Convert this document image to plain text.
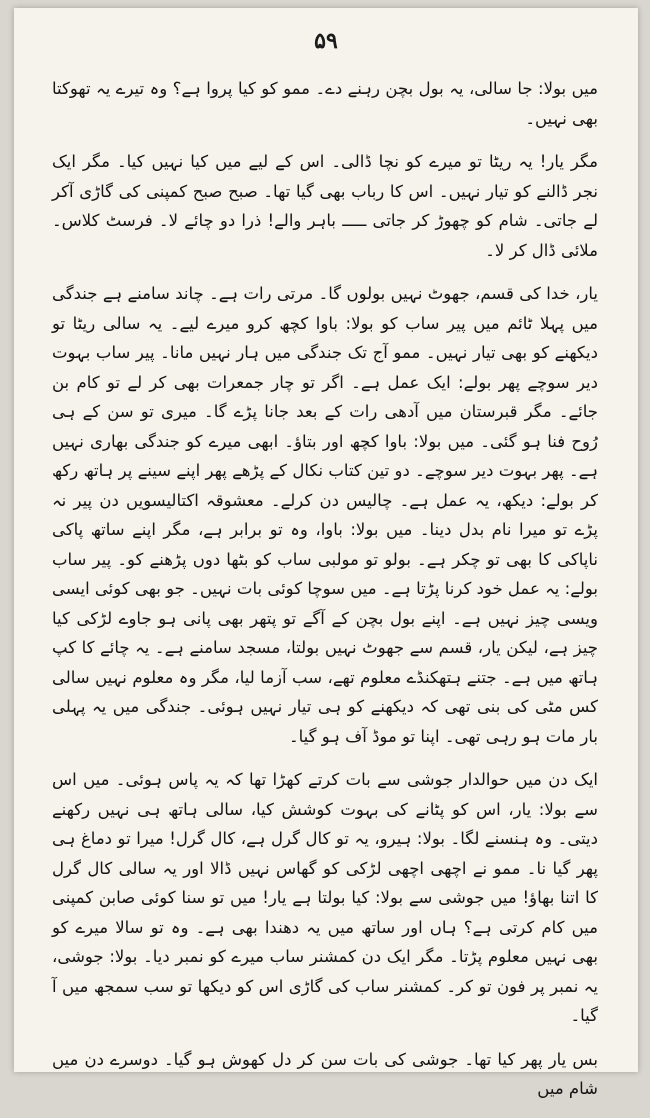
۵۹

میں بولا: جا سالی، یہ بول بچن رہنے دے۔ ممو کو کیا پروا ہے؟ وہ تیرے یہ تھوکتا بھی نہیں۔

مگر یار! یہ ریٹا تو میرے کو نچا ڈالی۔ اس کے لیے میں کیا نہیں کیا۔ مگر ایک نجر ڈالنے کو تیار نہیں۔ اس کا رباب بھی گیا تھا۔ صبح صبح کمپنی کی گاڑی آکر لے جاتی۔ شام کو چھوڑ کر جاتی ـــــ باہر والے! ذرا دو چائے لا۔ فرسٹ کلاس۔ ملائی ڈال کر لا۔

یار، خدا کی قسم، جھوٹ نہیں بولوں گا۔ مرتی رات ہے۔ چاند سامنے ہے جندگی میں پہلا ٹائم میں پیر ساب کو بولا: باوا کچھ کرو میرے لیے۔ یہ سالی ریٹا تو دیکھنے کو بھی تیار نہیں۔ ممو آج تک جندگی میں ہار نہیں مانا۔ پیر ساب بہوت دیر سوچے پھر بولے: ایک عمل ہے۔ اگر تو چار جمعرات بھی کر لے تو کام بن جائے۔ مگر قبرستان میں آدھی رات کے بعد جانا پڑے گا۔ میری تو سن کے ہی رُوح فنا ہو گئی۔ میں بولا: باوا کچھ اور بتاؤ۔ ابھی میرے کو جندگی بھاری نہیں ہے۔ پھر بہوت دیر سوچے۔ دو تین کتاب نکال کے پڑھے پھر اپنے سینے پر ہاتھ رکھ کر بولے: دیکھ، یہ عمل ہے۔ چالیس دن کرلے۔ معشوقہ اکتالیسویں دن پیر نہ پڑے تو میرا نام بدل دینا۔ میں بولا: باوا، وہ تو برابر ہے، مگر اپنے ساتھ پاکی ناپاکی کا بھی تو چکر ہے۔ بولو تو مولبی ساب کو بٹھا دوں پڑھنے کو۔ پیر ساب بولے: یہ عمل خود کرنا پڑتا ہے۔ میں سوچا کوئی بات نہیں۔ جو بھی کوئی ایسی ویسی چیز نہیں ہے۔ اپنے بول بچن کے آگے تو پتھر بھی پانی ہو جاوے لڑکی کیا چیز ہے، لیکن یار، قسم سے جھوٹ نہیں بولتا، مسجد سامنے ہے۔ یہ چائے کا کپ ہاتھ میں ہے۔ جتنے ہتھکنڈے معلوم تھے، سب آزما لیا، مگر وہ معلوم نہیں سالی کس مٹی کی بنی تھی کہ دیکھنے کو ہی تیار نہیں ہوئی۔ جندگی میں یہ پہلی بار مات ہو رہی تھی۔ اپنا تو موڈ آف ہو گیا۔

ایک دن میں حوالدار جوشی سے بات کرتے کھڑا تھا کہ یہ پاس ہوئی۔ میں اس سے بولا: یار، اس کو پٹانے کی بہوت کوشش کیا، سالی ہاتھ ہی نہیں رکھنے دیتی۔ وہ ہنسنے لگا۔ بولا: ہیرو، یہ تو کال گرل ہے، کال گرل! میرا تو دماغ ہی پھر گیا نا۔ ممو نے اچھی اچھی لڑکی کو گھاس نہیں ڈالا اور یہ سالی کال گرل کا اتنا بھاؤ! میں جوشی سے بولا: کیا بولتا ہے یار! میں تو سنا کوئی صابن کمپنی میں کام کرتی ہے؟ ہاں اور ساتھ میں یہ دھندا بھی ہے۔ وہ تو سالا میرے کو بھی نہیں معلوم پڑتا۔ مگر ایک دن کمشنر ساب میرے کو نمبر دیا۔ بولا: جوشی، یہ نمبر پر فون تو کر۔ کمشنر ساب کی گاڑی اس کو دیکھا تو سب سمجھ میں آ گیا۔

بس یار پھر کیا تھا۔ جوشی کی بات سن کر دل کھوش ہو گیا۔ دوسرے دن میں شام میں
